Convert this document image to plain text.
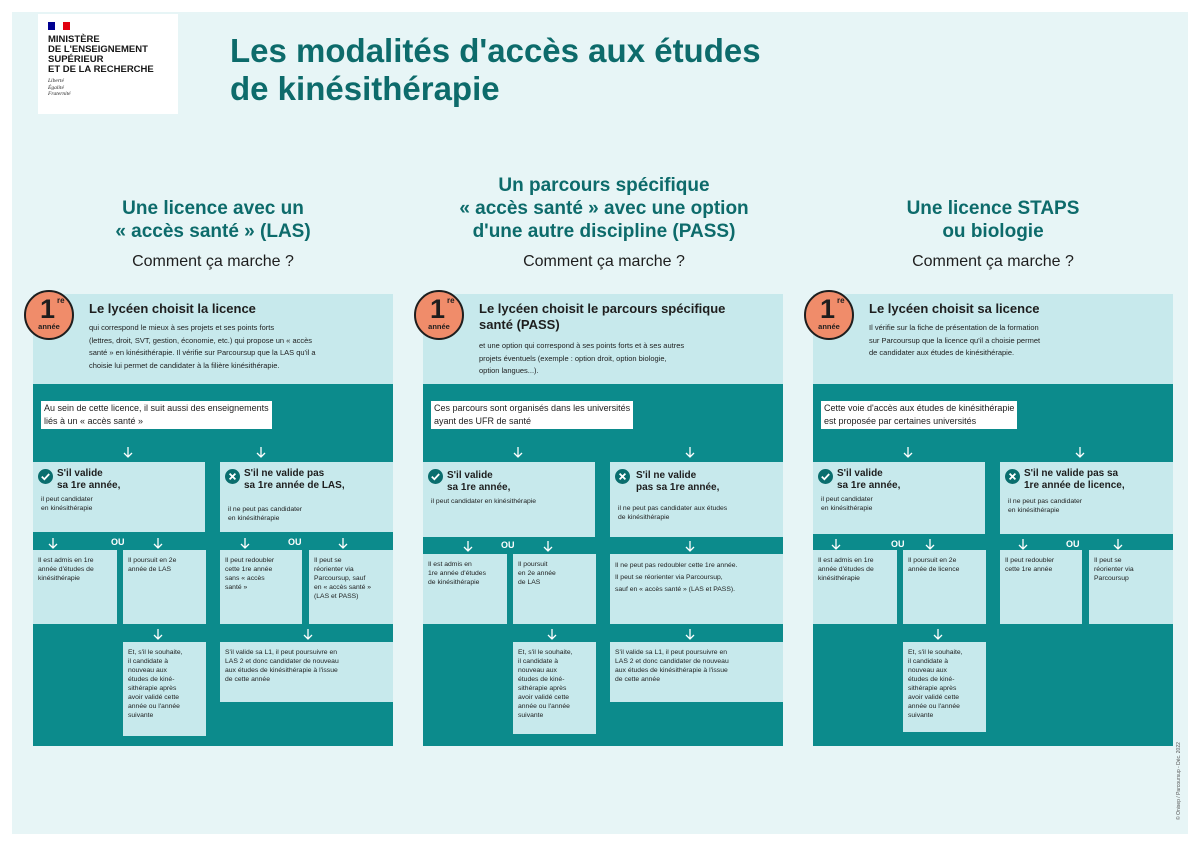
MINISTÈRE
DE L'ENSEIGNEMENT
SUPÉRIEUR
ET DE LA RECHERCHE
Liberté
Égalité
Fraternité
Les modalités d'accès aux études
de kinésithérapie
Une licence avec un
« accès santé » (LAS)
Comment ça marche ?
Un parcours spécifique
« accès santé » avec une option
d'une autre discipline (PASS)
Comment ça marche ?
Une licence STAPS
ou biologie
Comment ça marche ?
Le lycéen choisit la licence
qui correspond le mieux à ses projets et ses points forts
(lettres, droit, SVT, gestion, économie, etc.) qui propose un « accès
santé » en kinésithérapie. Il vérifie sur Parcoursup que la LAS qu'il a
choisie lui permet de candidater à la filière kinésithérapie.
Au sein de cette licence, il suit aussi des enseignements
liés à un « accès santé »
S'il valide
sa 1re année,
il peut candidater
en kinésithérapie
S'il ne valide pas
sa 1re année de LAS,
il ne peut pas candidater
en kinésithérapie
OU	OU
Il est admis en 1re
année d'études de
kinésithérapie
Il poursuit en 2e
année de LAS
Il peut redoubler
cette 1re année
sans « accès
santé »
Il peut se
réorienter via
Parcoursup, sauf
en « accès santé »
(LAS et PASS)
Et, s'il le souhaite,
il candidate à
nouveau aux
études de kiné-
sithérapie après
avoir validé cette
année ou l'année
suivante
S'il valide sa L1, il peut poursuivre en
LAS 2 et donc candidater de nouveau
aux études de kinésithérapie à l'issue
de cette année
Le lycéen choisit le parcours spécifique
santé (PASS)
et une option qui correspond à ses points forts et à ses autres
projets éventuels (exemple : option droit, option biologie,
option langues...).
Ces parcours sont organisés dans les universités
ayant des UFR de santé
S'il valide
sa 1re année,
il peut candidater en kinésithérapie
S'il ne valide
pas sa 1re année,
il ne peut pas candidater aux études
de kinésithérapie
OU
Il est admis en
1re année d'études
de kinésithérapie
Il poursuit
en 2e année
de LAS
Il ne peut pas redoubler cette 1re année.
Il peut se réorienter via Parcoursup,
sauf en « accès santé » (LAS et PASS).
Et, s'il le souhaite,
il candidate à
nouveau aux
études de kiné-
sithérapie après
avoir validé cette
année ou l'année
suivante
S'il valide sa L1, il peut poursuivre en
LAS 2 et donc candidater de nouveau
aux études de kinésithérapie à l'issue
de cette année
Le lycéen choisit sa licence
Il vérifie sur la fiche de présentation de la formation
sur Parcoursup que la licence qu'il a choisie permet
de candidater aux études de kinésithérapie.
Cette voie d'accès aux études de kinésithérapie
est proposée par certaines universités
S'il valide
sa 1re année,
il peut candidater
en kinésithérapie
S'il ne valide pas sa
1re année de licence,
il ne peut pas candidater
en kinésithérapie
OU	OU
Il est admis en 1re
année d'études de
kinésithérapie
Il poursuit en 2e
année de licence
Il peut redoubler
cette 1re année
Il peut se
réorienter via
Parcoursup
Et, s'il le souhaite,
il candidate à
nouveau aux
études de kiné-
sithérapie après
avoir validé cette
année ou l'année
suivante
1 re
année
1 re
année
1 re
année
© Onisep / Parcoursup - Déc. 2022
